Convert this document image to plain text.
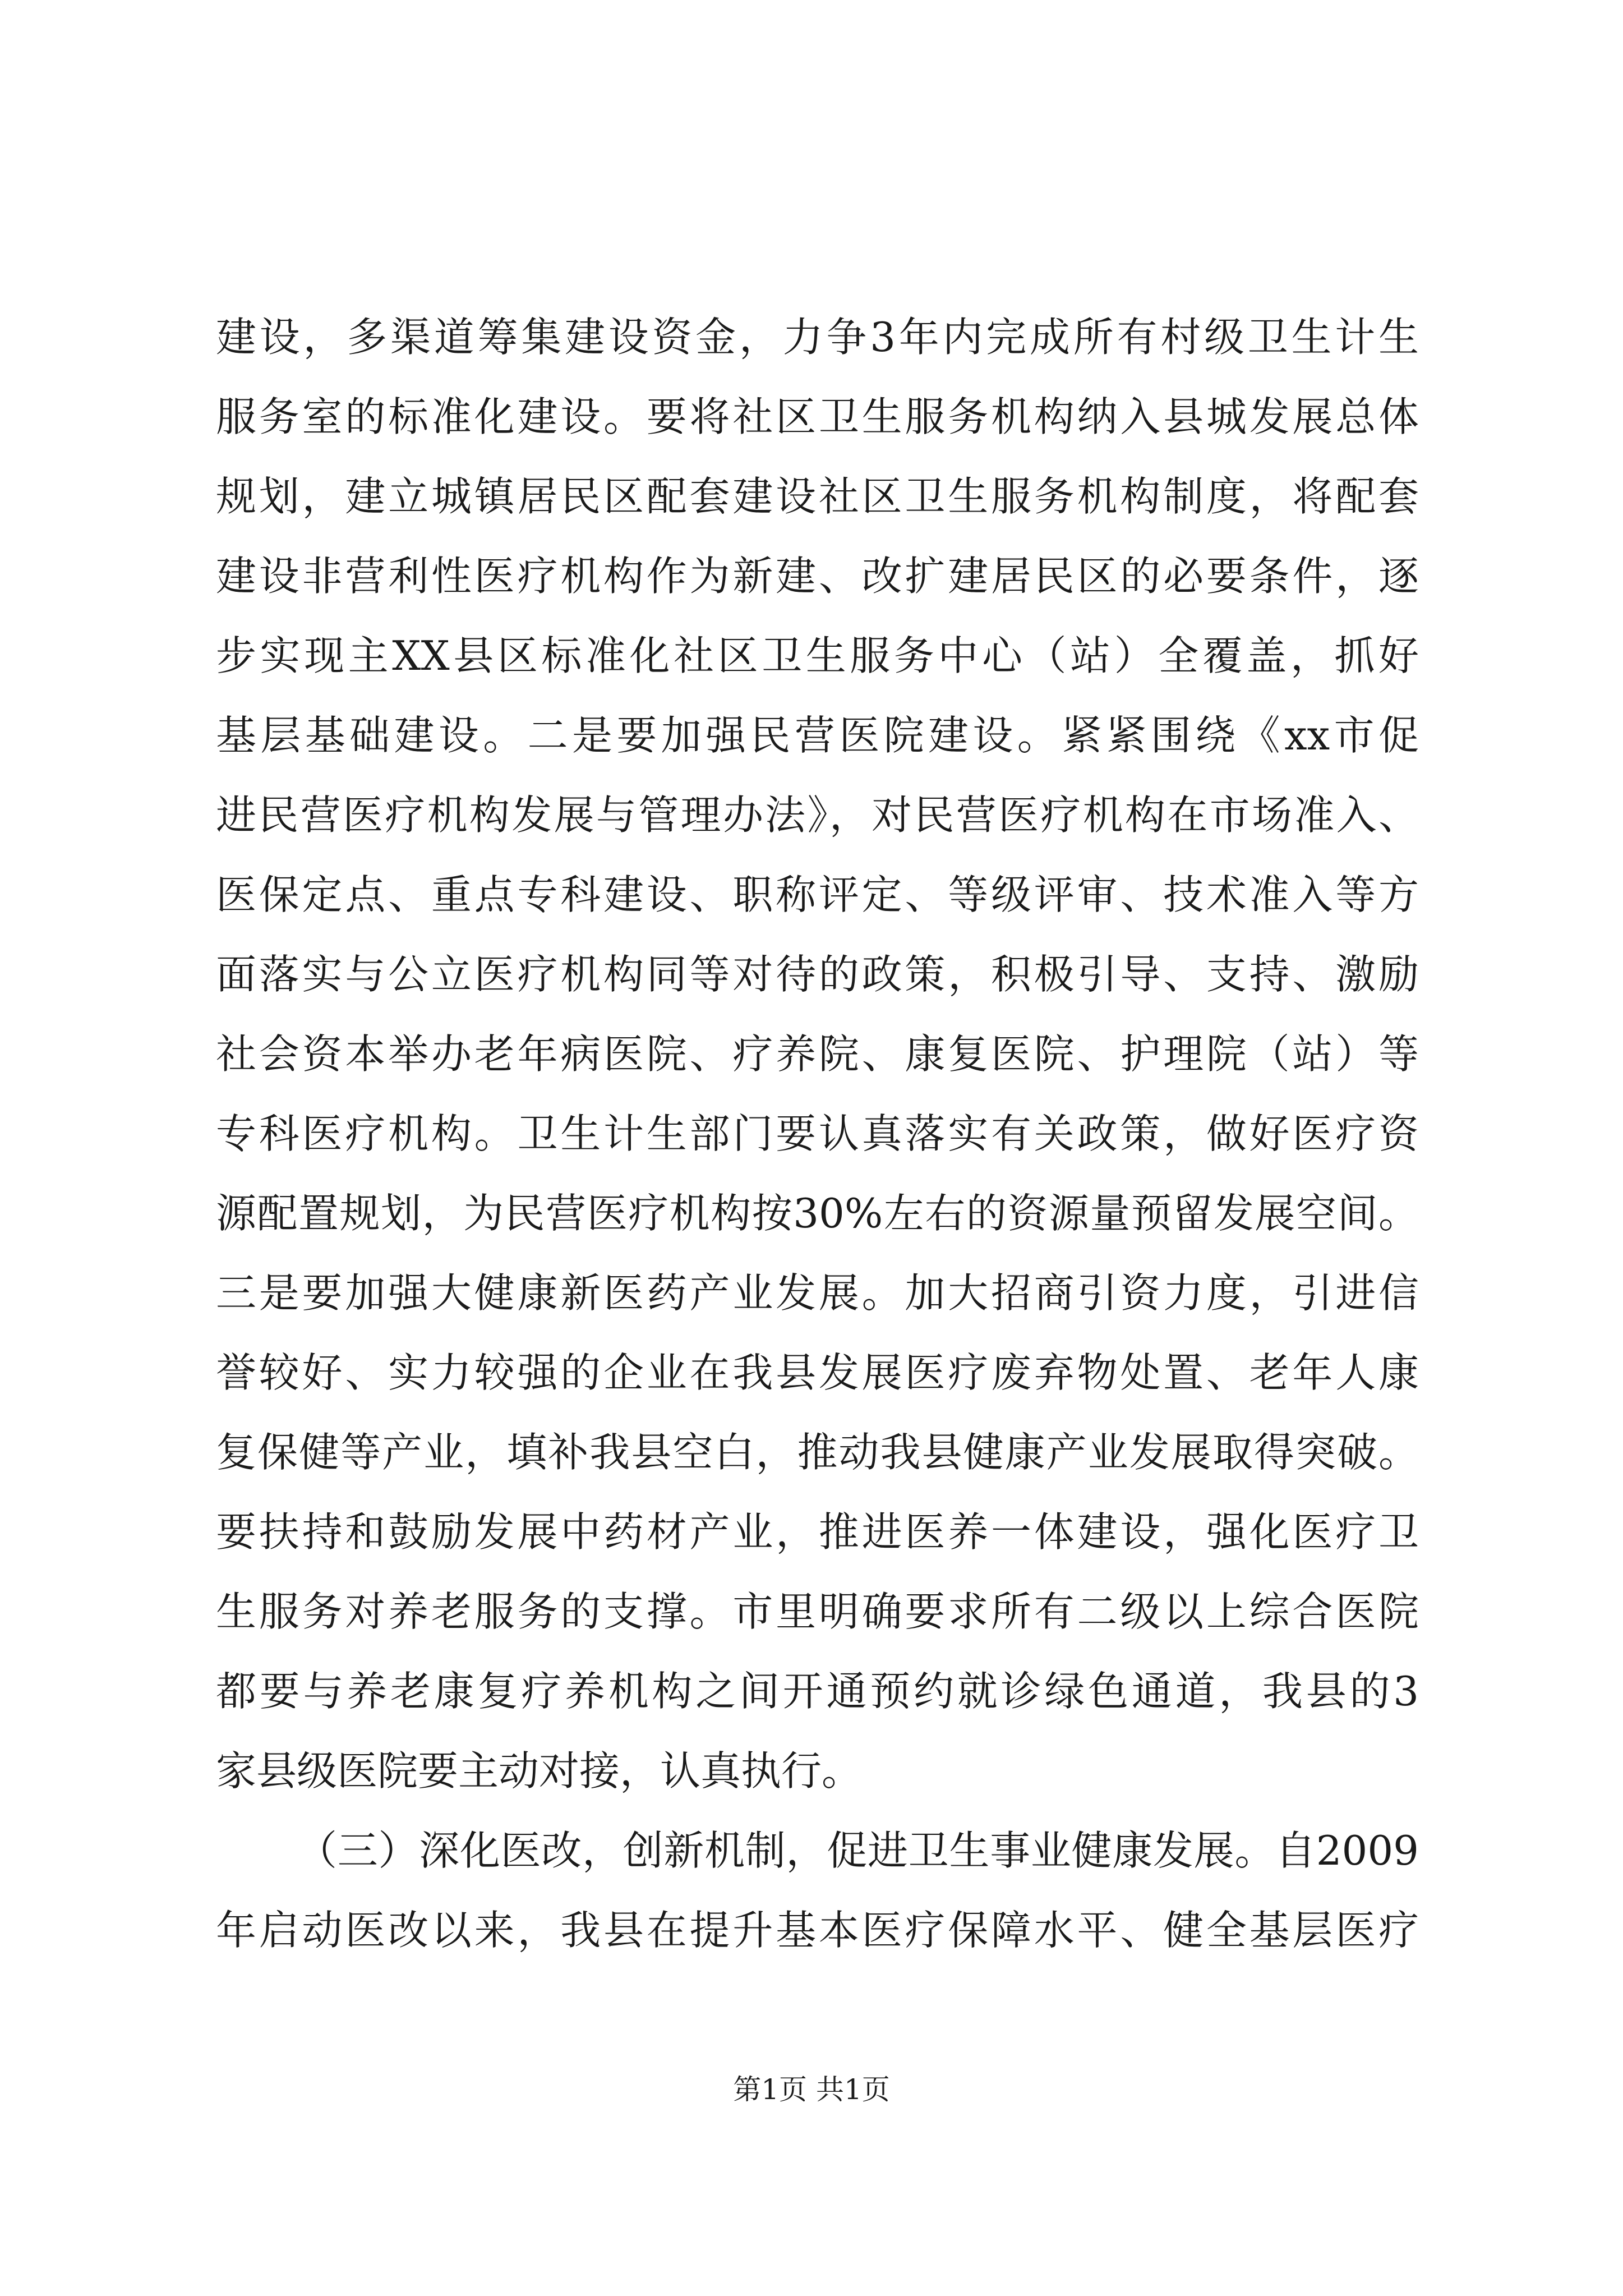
建设，多渠道筹集建设资金，力争3年内完成所有村级卫生计生
服务室的标准化建设。要将社区卫生服务机构纳入县城发展总体
规划，建立城镇居民区配套建设社区卫生服务机构制度，将配套
建设非营利性医疗机构作为新建、改扩建居民区的必要条件，逐
步实现主XX县区标准化社区卫生服务中心（站）全覆盖，抓好
基层基础建设。二是要加强民营医院建设。紧紧围绕《xx市促
进民营医疗机构发展与管理办法》，对民营医疗机构在市场准入、
医保定点、重点专科建设、职称评定、等级评审、技术准入等方
面落实与公立医疗机构同等对待的政策，积极引导、支持、激励
社会资本举办老年病医院、疗养院、康复医院、护理院（站）等
专科医疗机构。卫生计生部门要认真落实有关政策，做好医疗资
源配置规划，为民营医疗机构按30%左右的资源量预留发展空间。
三是要加强大健康新医药产业发展。加大招商引资力度，引进信
誉较好、实力较强的企业在我县发展医疗废弃物处置、老年人康
复保健等产业，填补我县空白，推动我县健康产业发展取得突破。
要扶持和鼓励发展中药材产业，推进医养一体建设，强化医疗卫
生服务对养老服务的支撑。市里明确要求所有二级以上综合医院
都要与养老康复疗养机构之间开通预约就诊绿色通道，我县的3
家县级医院要主动对接，认真执行。
（三）深化医改，创新机制，促进卫生事业健康发展。自2009
年启动医改以来，我县在提升基本医疗保障水平、健全基层医疗
第1页 共1页
